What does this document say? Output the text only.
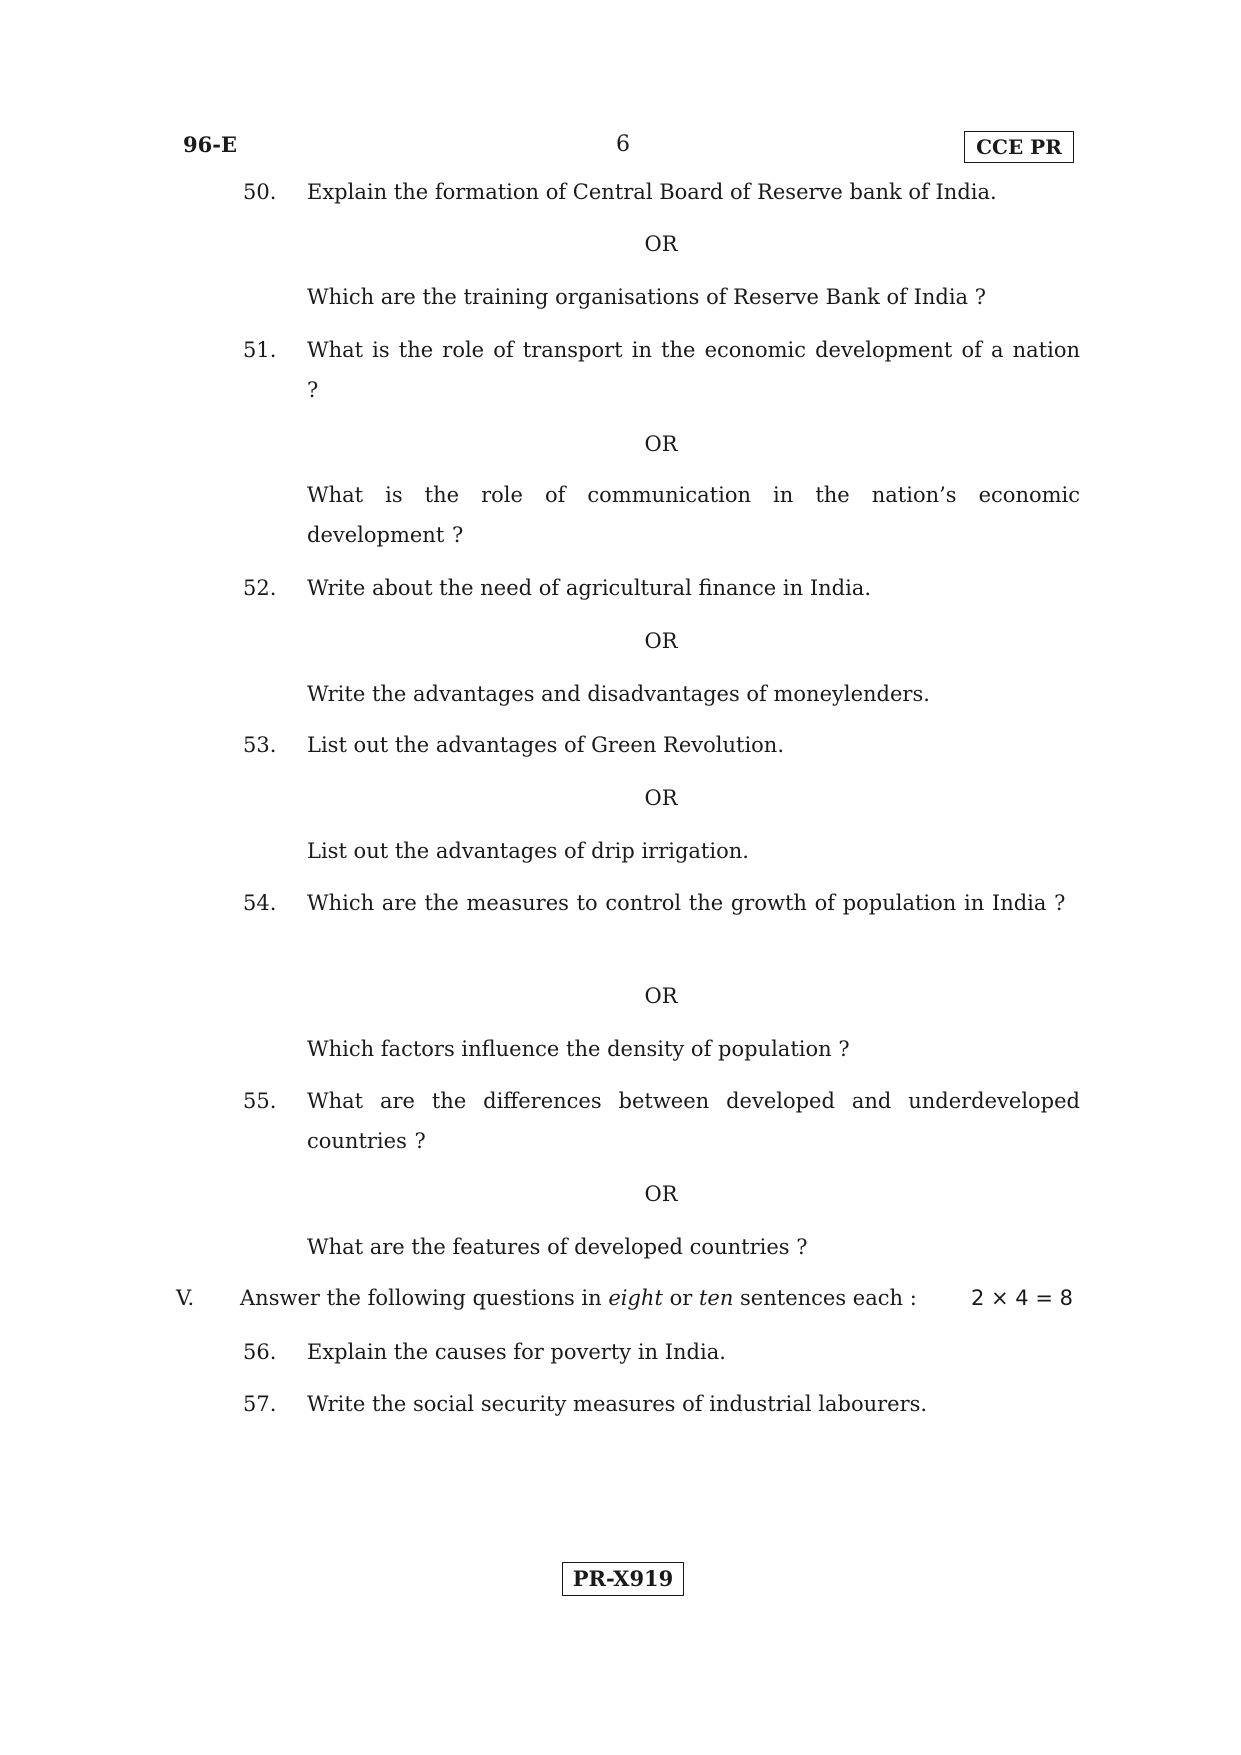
96-E	6	CCE PR
50. Explain the formation of Central Board of Reserve bank of India.
OR
Which are the training organisations of Reserve Bank of India ?
51. What is the role of transport in the economic development of a nation ?
OR
What is the role of communication in the nation’s economic development ?
52. Write about the need of agricultural finance in India.
OR
Write the advantages and disadvantages of moneylenders.
53. List out the advantages of Green Revolution.
OR
List out the advantages of drip irrigation.
54. Which are the measures to control the growth of population in India ?
OR
Which factors influence the density of population ?
55. What are the differences between developed and underdeveloped countries ?
OR
What are the features of developed countries ?
V. Answer the following questions in eight or ten sentences each :	2 × 4 = 8
56. Explain the causes for poverty in India.
57. Write the social security measures of industrial labourers.
PR-X919
